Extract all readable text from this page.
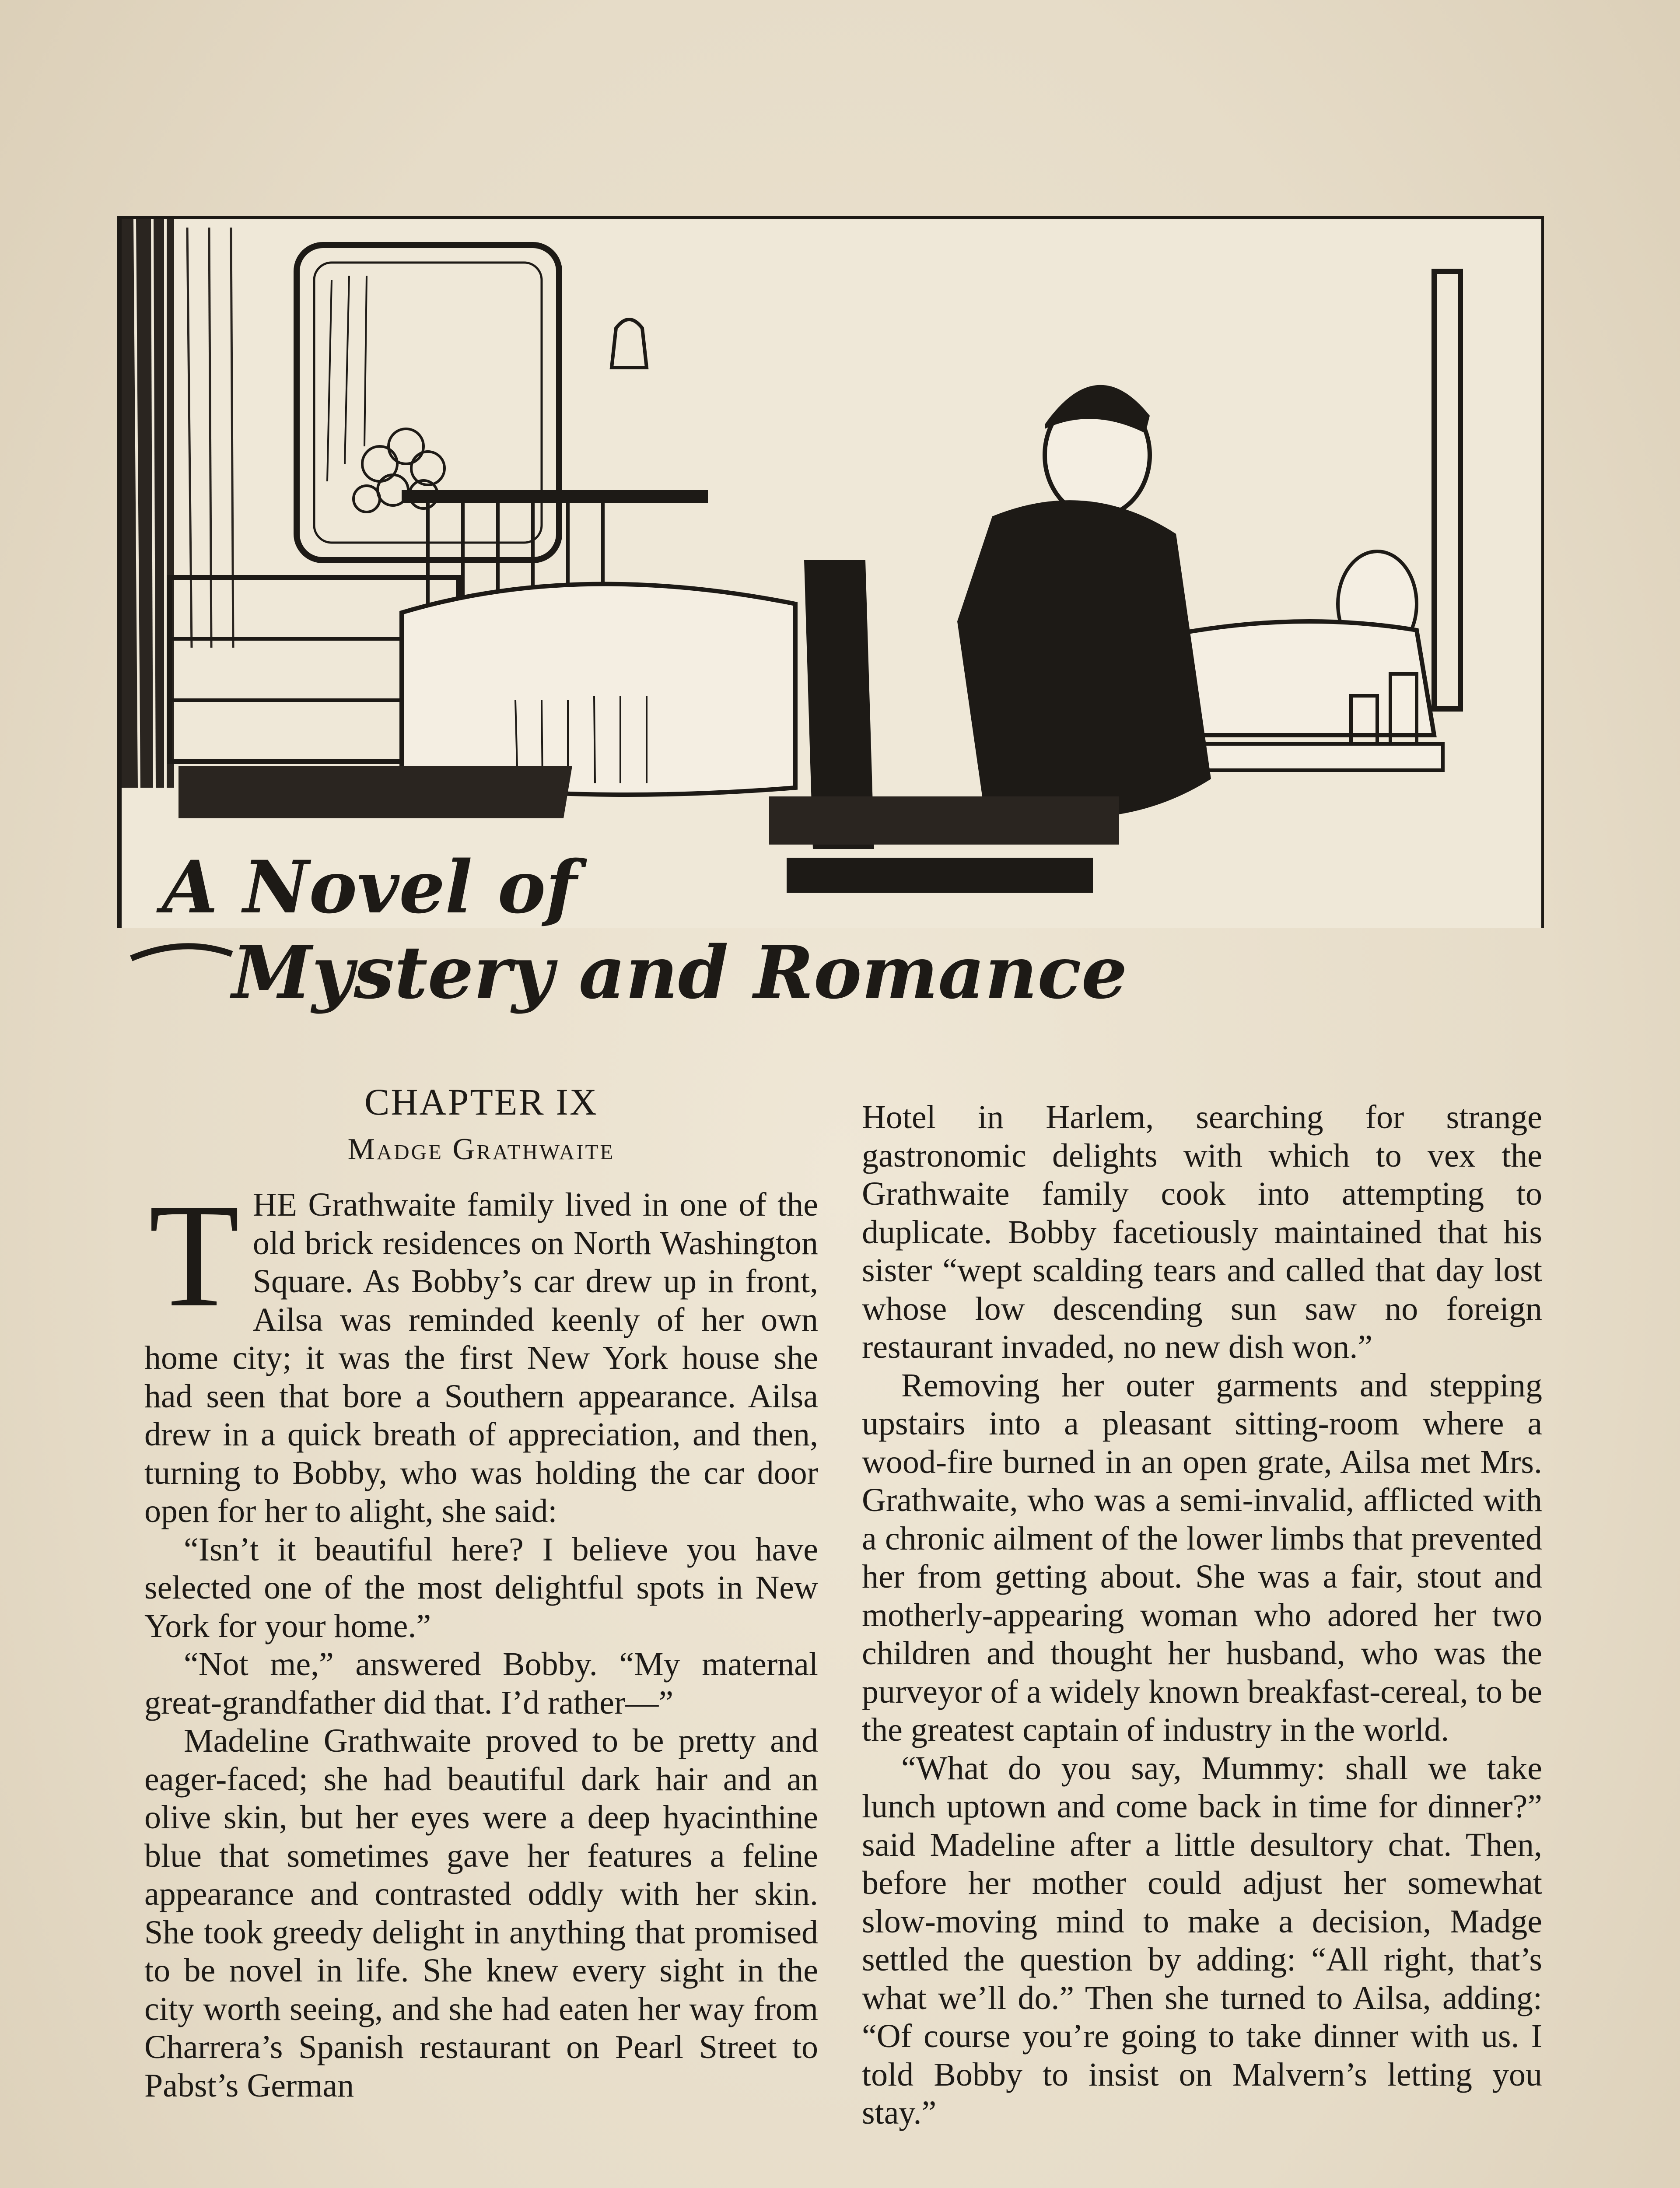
A Novel of
Mystery and Romance
CHAPTER IX
Madge Grathwaite

THE Grathwaite family lived in one of the old brick residences on North Washington Square. As Bobby’s car drew up in front, Ailsa was reminded keenly of her own home city; it was the first New York house she had seen that bore a Southern appearance. Ailsa drew in a quick breath of appreciation, and then, turning to Bobby, who was holding the car door open for her to alight, she said:

“Isn’t it beautiful here? I believe you have selected one of the most delightful spots in New York for your home.”

“Not me,” answered Bobby. “My maternal great-grandfather did that. I’d rather—”

Madeline Grathwaite proved to be pretty and eager-faced; she had beautiful dark hair and an olive skin, but her eyes were a deep hyacinthine blue that sometimes gave her features a feline appearance and contrasted oddly with her skin. She took greedy delight in anything that promised to be novel in life. She knew every sight in the city worth seeing, and she had eaten her way from Charrera’s Spanish restaurant on Pearl Street to Pabst’s German

Hotel in Harlem, searching for strange gastronomic delights with which to vex the Grathwaite family cook into attempting to duplicate. Bobby facetiously maintained that his sister “wept scalding tears and called that day lost whose low descending sun saw no foreign restaurant invaded, no new dish won.”

Removing her outer garments and stepping upstairs into a pleasant sitting-room where a wood-fire burned in an open grate, Ailsa met Mrs. Grathwaite, who was a semi-invalid, afflicted with a chronic ailment of the lower limbs that prevented her from getting about. She was a fair, stout and motherly-appearing woman who adored her two children and thought her husband, who was the purveyor of a widely known breakfast-cereal, to be the greatest captain of industry in the world.

“What do you say, Mummy: shall we take lunch uptown and come back in time for dinner?” said Madeline after a little desultory chat. Then, before her mother could adjust her somewhat slow-moving mind to make a decision, Madge settled the question by adding: “All right, that’s what we’ll do.” Then she turned to Ailsa, adding: “Of course you’re going to take dinner with us. I told Bobby to insist on Malvern’s letting you stay.”
